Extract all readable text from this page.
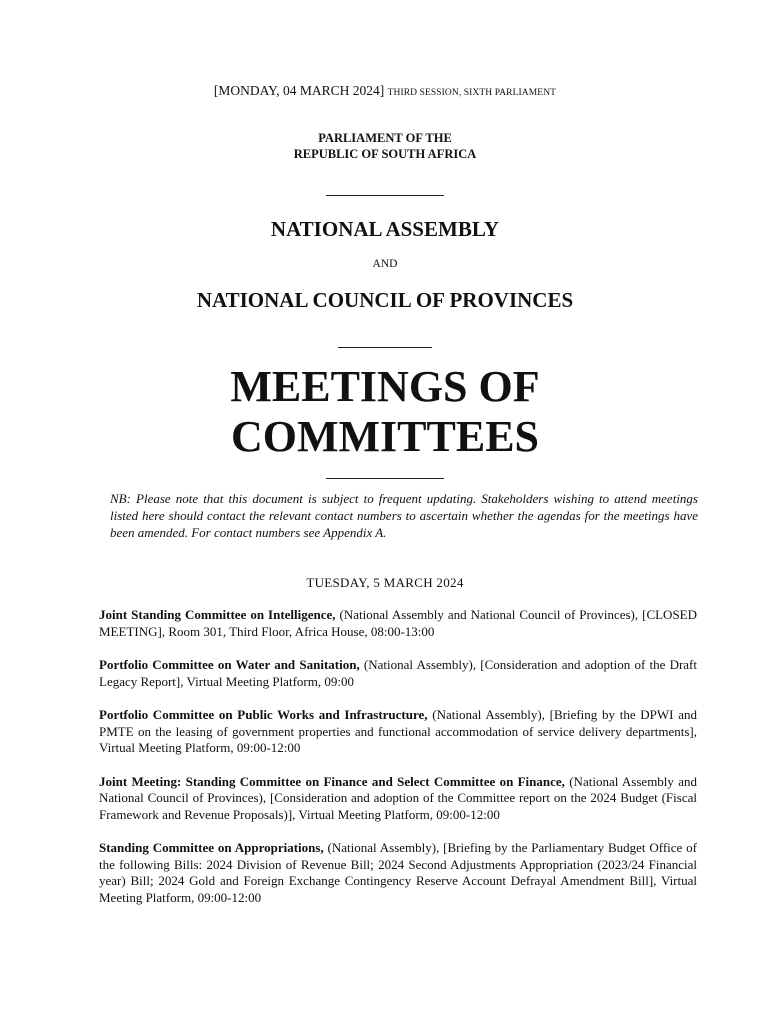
[MONDAY, 04 MARCH 2024] THIRD SESSION, SIXTH PARLIAMENT
PARLIAMENT OF THE
REPUBLIC OF SOUTH AFRICA
NATIONAL ASSEMBLY
AND
NATIONAL COUNCIL OF PROVINCES
MEETINGS OF
COMMITTEES
NB: Please note that this document is subject to frequent updating. Stakeholders wishing to attend meetings listed here should contact the relevant contact numbers to ascertain whether the agendas for the meetings have been amended. For contact numbers see Appendix A.
TUESDAY, 5 MARCH 2024

Joint Standing Committee on Intelligence, (National Assembly and National Council of Provinces), [CLOSED MEETING], Room 301, Third Floor, Africa House, 08:00-13:00

Portfolio Committee on Water and Sanitation, (National Assembly), [Consideration and adoption of the Draft Legacy Report], Virtual Meeting Platform, 09:00

Portfolio Committee on Public Works and Infrastructure, (National Assembly), [Briefing by the DPWI and PMTE on the leasing of government properties and functional accommodation of service delivery departments], Virtual Meeting Platform, 09:00-12:00

Joint Meeting: Standing Committee on Finance and Select Committee on Finance, (National Assembly and National Council of Provinces), [Consideration and adoption of the Committee report on the 2024 Budget (Fiscal Framework and Revenue Proposals)], Virtual Meeting Platform, 09:00-12:00

Standing Committee on Appropriations, (National Assembly), [Briefing by the Parliamentary Budget Office of the following Bills: 2024 Division of Revenue Bill; 2024 Second Adjustments Appropriation (2023/24 Financial year) Bill; 2024 Gold and Foreign Exchange Contingency Reserve Account Defrayal Amendment Bill], Virtual Meeting Platform, 09:00-12:00
